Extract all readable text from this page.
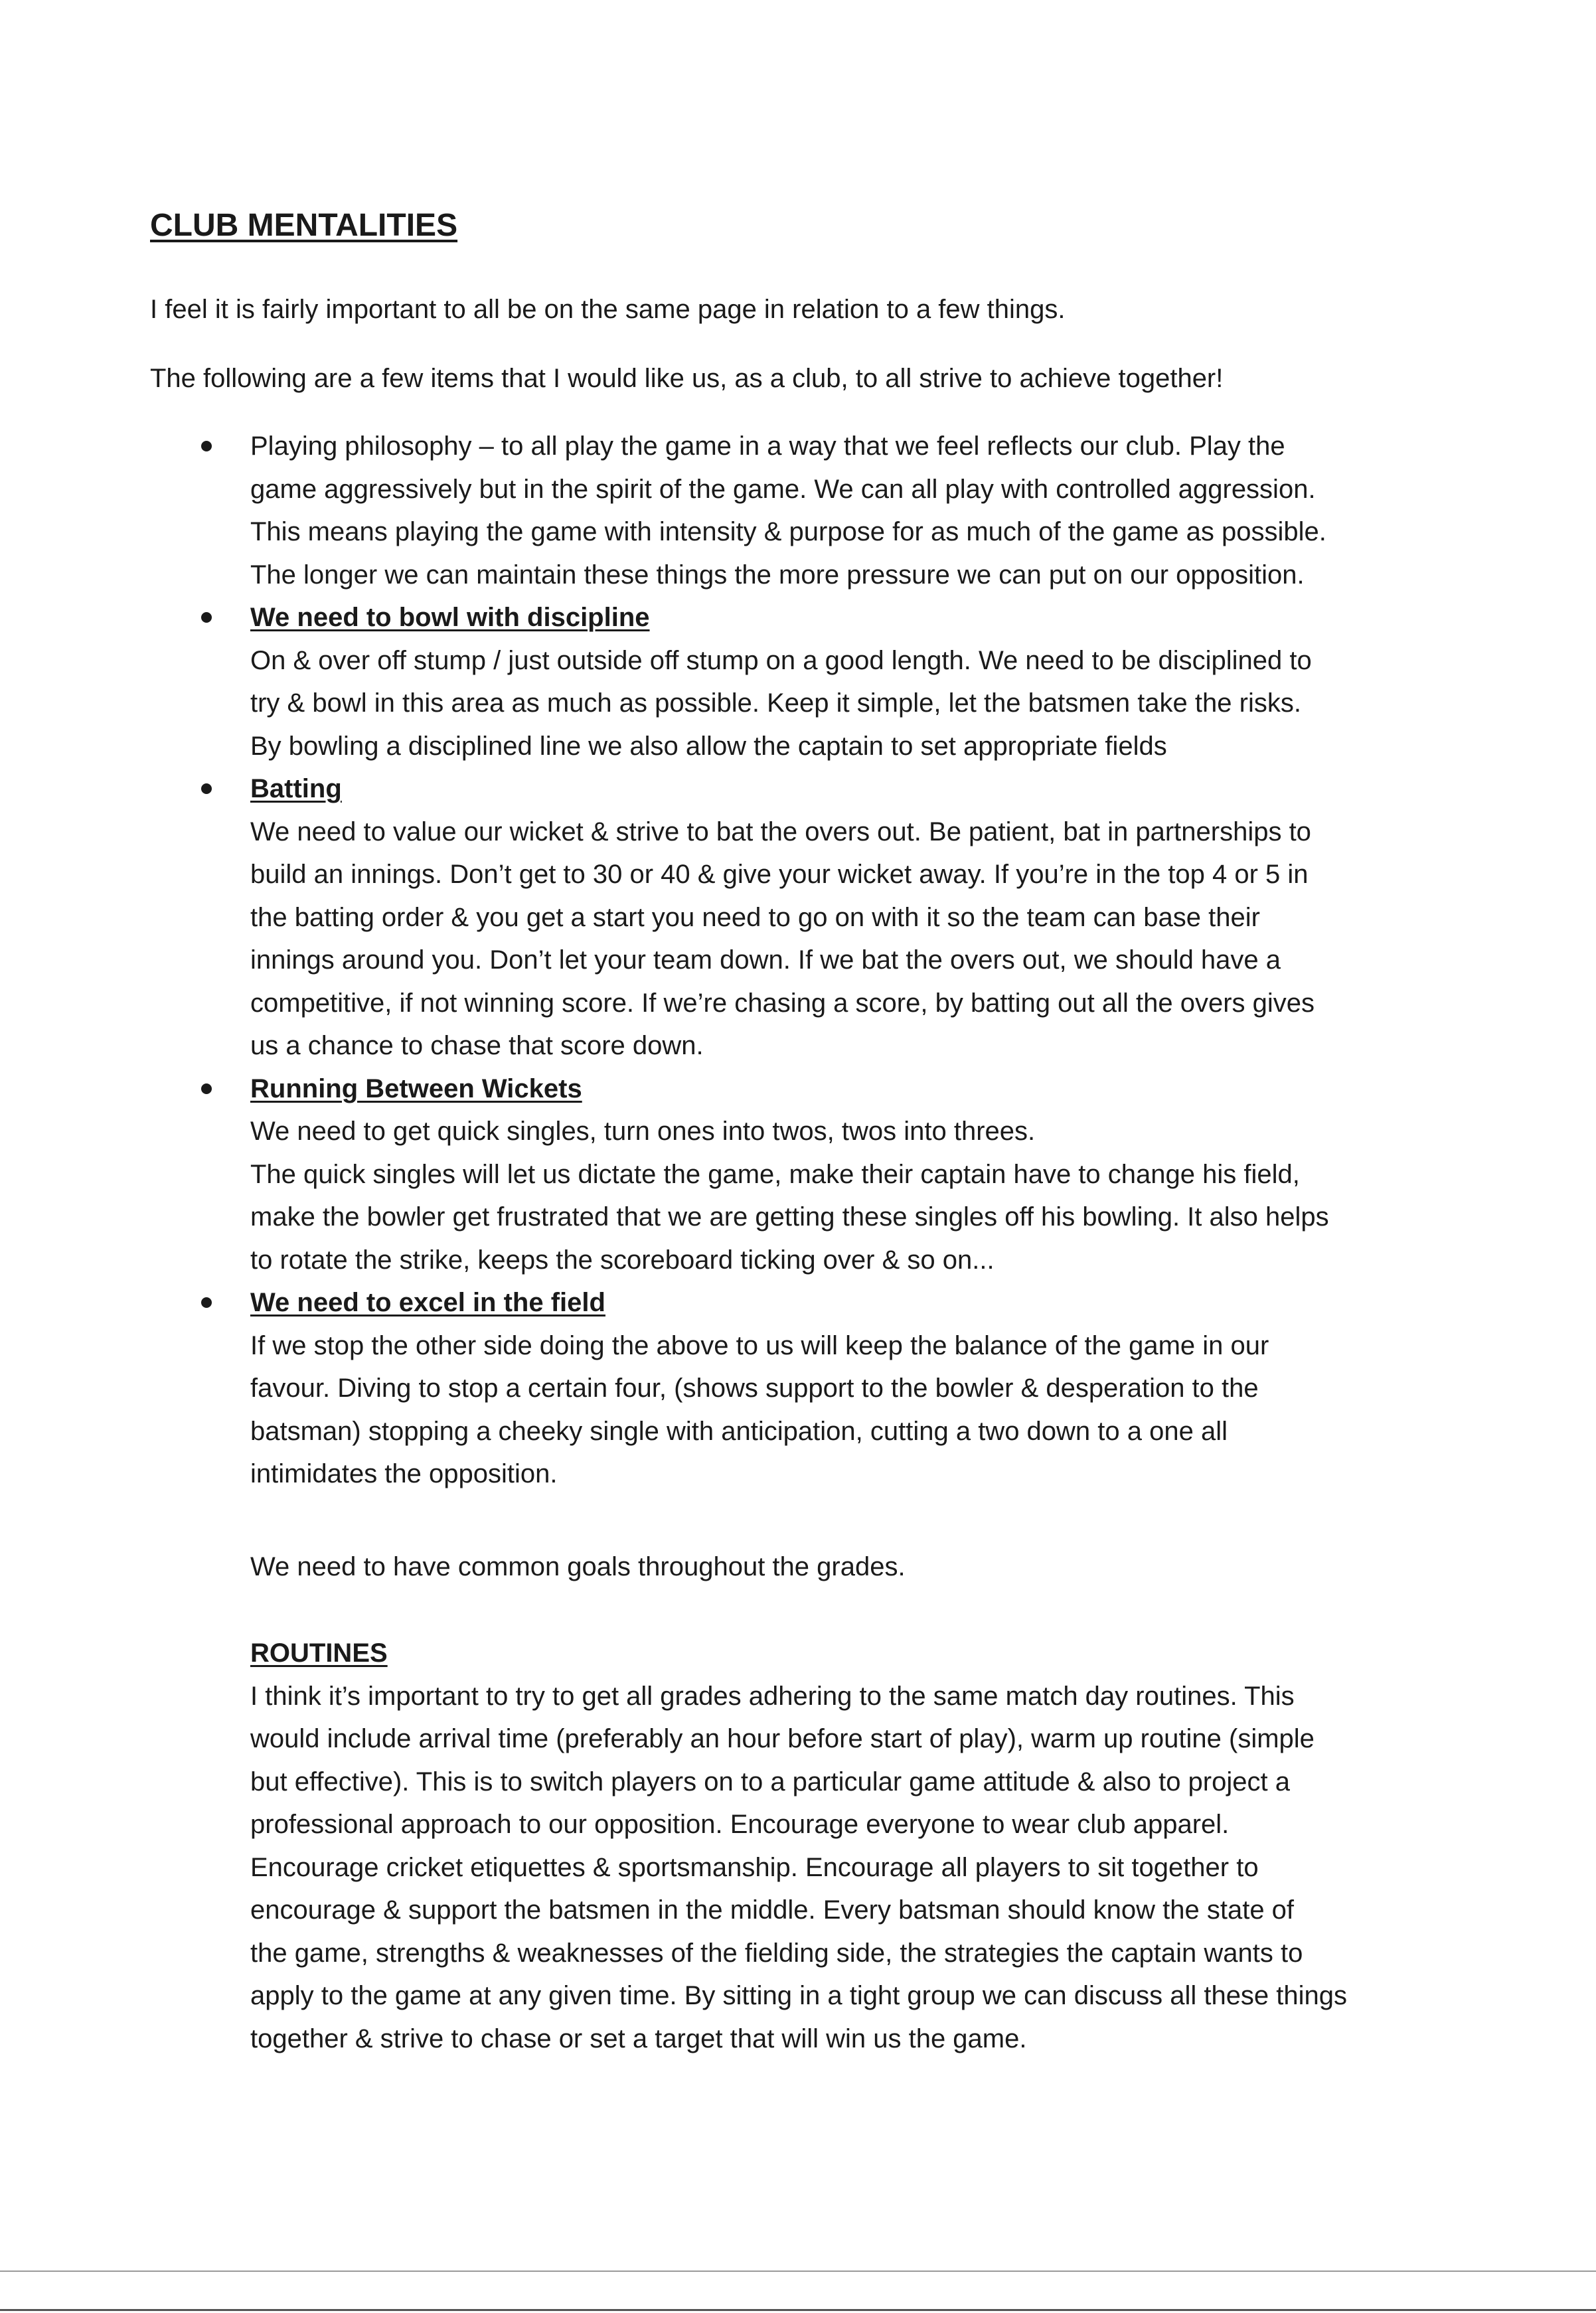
CLUB MENTALITIES
I feel it is fairly important to all be on the same page in relation to a few things.
The following are a few items that I would like us, as a club, to all strive to achieve together!
Playing philosophy – to all play the game in a way that we feel reflects our club. Play the
game aggressively but in the spirit of the game. We can all play with controlled aggression.
This means playing the game with intensity & purpose for as much of the game as possible.
The longer we can maintain these things the more pressure we can put on our opposition.
We need to bowl with discipline
On & over off stump / just outside off stump on a good length. We need to be disciplined to
try & bowl in this area as much as possible. Keep it simple, let the batsmen take the risks.
By bowling a disciplined line we also allow the captain to set appropriate fields
Batting
We need to value our wicket & strive to bat the overs out. Be patient, bat in partnerships to
build an innings. Don’t get to 30 or 40 & give your wicket away. If you’re in the top 4 or 5 in
the batting order & you get a start you need to go on with it so the team can base their
innings around you. Don’t let your team down. If we bat the overs out, we should have a
competitive, if not winning score. If we’re chasing a score, by batting out all the overs gives
us a chance to chase that score down.
Running Between Wickets
We need to get quick singles, turn ones into twos, twos into threes.
The quick singles will let us dictate the game, make their captain have to change his field,
make the bowler get frustrated that we are getting these singles off his bowling. It also helps
to rotate the strike, keeps the scoreboard ticking over & so on...
We need to excel in the field
If we stop the other side doing the above to us will keep the balance of the game in our
favour. Diving to stop a certain four, (shows support to the bowler & desperation to the
batsman) stopping a cheeky single with anticipation, cutting a two down to a one all
intimidates the opposition.
We need to have common goals throughout the grades.
ROUTINES
I think it’s important to try to get all grades adhering to the same match day routines. This
would include arrival time (preferably an hour before start of play), warm up routine (simple
but effective). This is to switch players on to a particular game attitude & also to project a
professional approach to our opposition. Encourage everyone to wear club apparel.
Encourage cricket etiquettes & sportsmanship. Encourage all players to sit together to
encourage & support the batsmen in the middle. Every batsman should know the state of
the game, strengths & weaknesses of the fielding side, the strategies the captain wants to
apply to the game at any given time. By sitting in a tight group we can discuss all these things
together & strive to chase or set a target that will win us the game.
